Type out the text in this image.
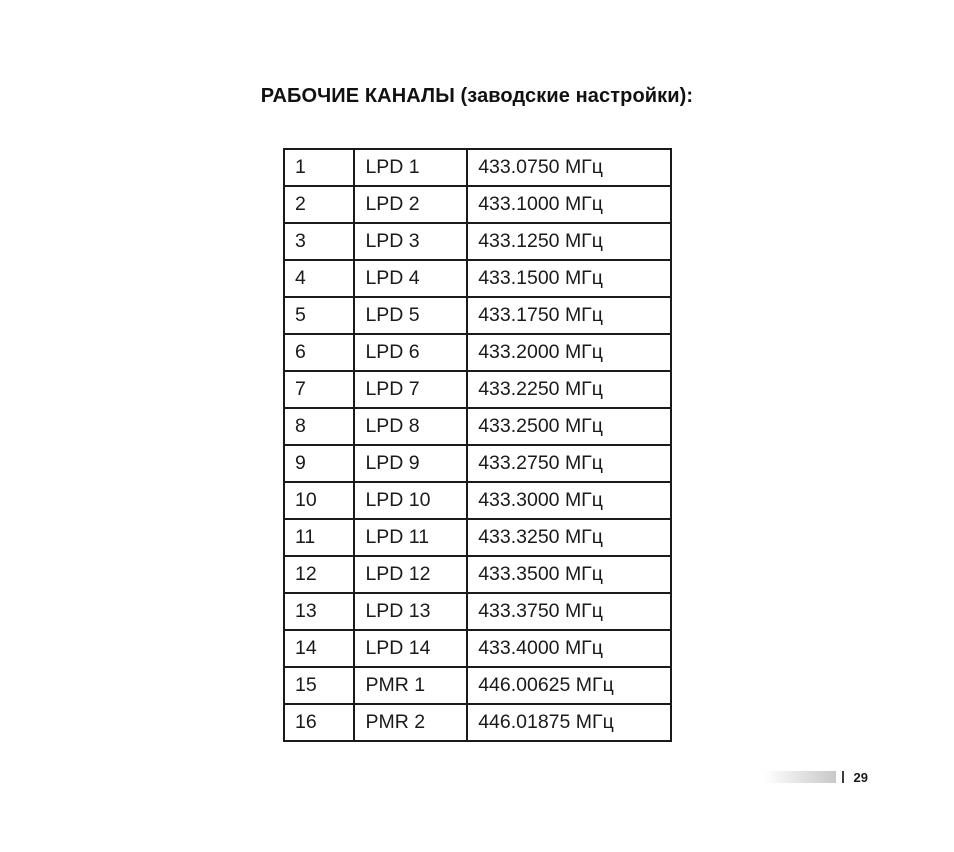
РАБОЧИЕ КАНАЛЫ (заводские настройки):
1	LPD 1	433.0750 МГц
2	LPD 2	433.1000 МГц
3	LPD 3	433.1250 МГц
4	LPD 4	433.1500 МГц
5	LPD 5	433.1750 МГц
6	LPD 6	433.2000 МГц
7	LPD 7	433.2250 МГц
8	LPD 8	433.2500 МГц
9	LPD 9	433.2750 МГц
10	LPD 10	433.3000 МГц
11	LPD 11	433.3250 МГц
12	LPD 12	433.3500 МГц
13	LPD 13	433.3750 МГц
14	LPD 14	433.4000 МГц
15	PMR 1	446.00625 МГц
16	PMR 2	446.01875 МГц
29
